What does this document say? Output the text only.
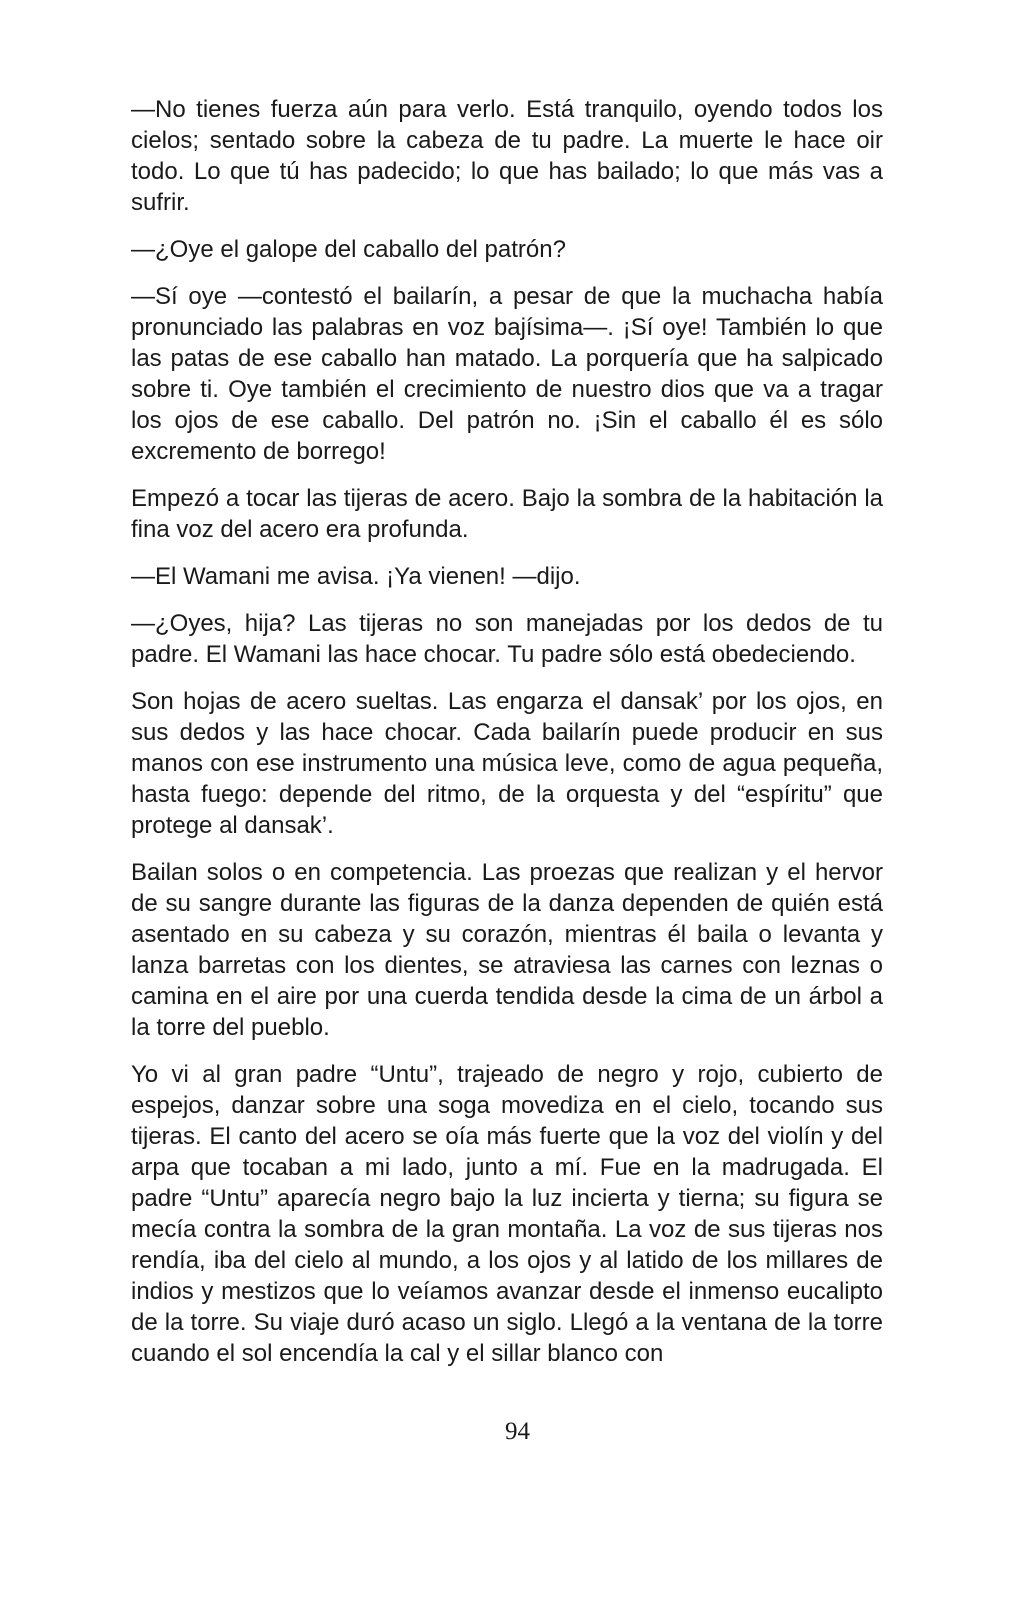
—No tienes fuerza aún para verlo. Está tranquilo, oyendo todos los cielos; sentado sobre la cabeza de tu padre. La muerte le hace oir todo. Lo que tú has padecido; lo que has bailado; lo que más vas a sufrir.

—¿Oye el galope del caballo del patrón?

—Sí oye —contestó el bailarín, a pesar de que la muchacha había pronunciado las palabras en voz bajísima—. ¡Sí oye! También lo que las patas de ese caballo han matado. La porquería que ha salpicado sobre ti. Oye también el crecimiento de nuestro dios que va a tragar los ojos de ese caballo. Del patrón no. ¡Sin el caballo él es sólo excremento de borrego!

Empezó a tocar las tijeras de acero. Bajo la sombra de la habitación la fina voz del acero era profunda.

—El Wamani me avisa. ¡Ya vienen! —dijo.

—¿Oyes, hija? Las tijeras no son manejadas por los dedos de tu padre. El Wamani las hace chocar. Tu padre sólo está obedeciendo.

Son hojas de acero sueltas. Las engarza el dansak’ por los ojos, en sus dedos y las hace chocar. Cada bailarín puede producir en sus manos con ese instrumento una música leve, como de agua pequeña, hasta fuego: depende del ritmo, de la orquesta y del “espíritu” que protege al dansak’.

Bailan solos o en competencia. Las proezas que realizan y el hervor de su sangre durante las figuras de la danza dependen de quién está asentado en su cabeza y su corazón, mientras él baila o levanta y lanza barretas con los dientes, se atraviesa las carnes con leznas o camina en el aire por una cuerda tendida desde la cima de un árbol a la torre del pueblo.

Yo vi al gran padre “Untu”, trajeado de negro y rojo, cubierto de espejos, danzar sobre una soga movediza en el cielo, tocando sus tijeras. El canto del acero se oía más fuerte que la voz del violín y del arpa que tocaban a mi lado, junto a mí. Fue en la madrugada. El padre “Untu” aparecía negro bajo la luz incierta y tierna; su figura se mecía contra la sombra de la gran montaña. La voz de sus tijeras nos rendía, iba del cielo al mundo, a los ojos y al latido de los millares de indios y mestizos que lo veíamos avanzar desde el inmenso eucalipto de la torre. Su viaje duró acaso un siglo. Llegó a la ventana de la torre cuando el sol encendía la cal y el sillar blanco con

94
